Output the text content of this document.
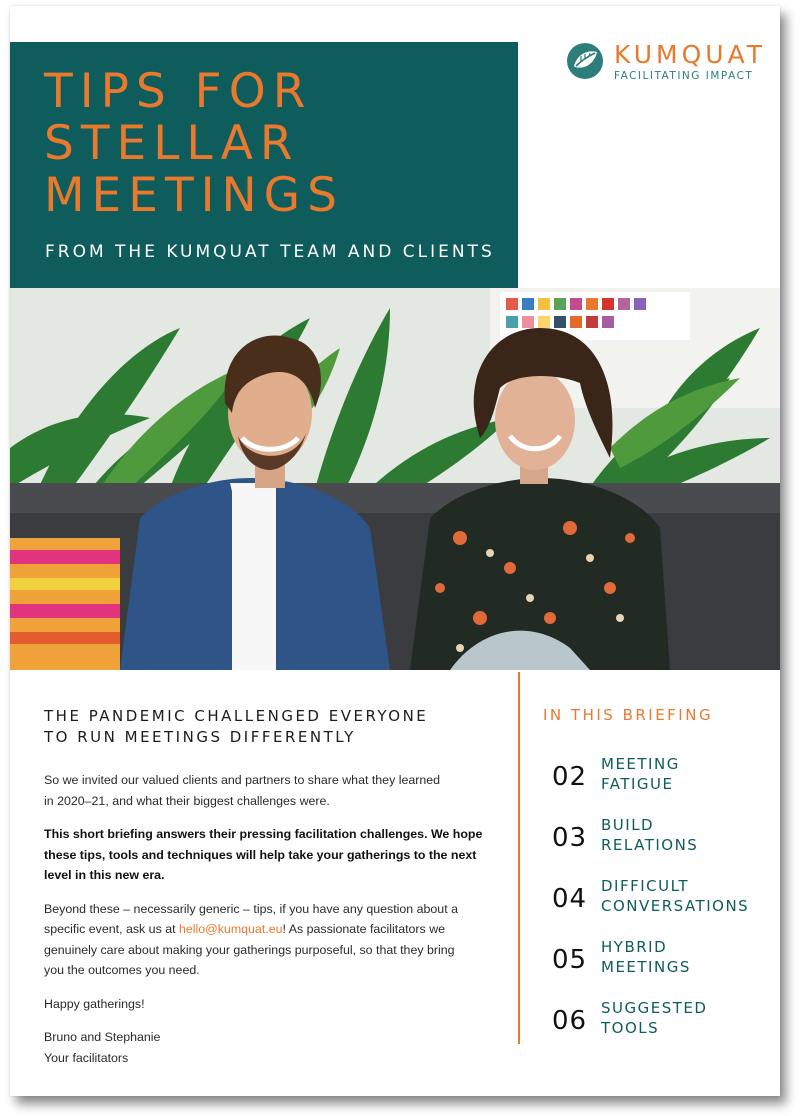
TIPS FOR
STELLAR
MEETINGS
FROM THE KUMQUAT TEAM AND CLIENTS
KUMQUAT
FACILITATING IMPACT
THE PANDEMIC CHALLENGED EVERYONE
TO RUN MEETINGS DIFFERENTLY

So we invited our valued clients and partners to share what they learned
in 2020–21, and what their biggest challenges were.

This short briefing answers their pressing facilitation challenges. We hope
these tips, tools and techniques will help take your gatherings to the next
level in this new era.

Beyond these – necessarily generic – tips, if you have any question about a
specific event, ask us at hello@kumquat.eu! As passionate facilitators we
genuinely care about making your gatherings purposeful, so that they bring
you the outcomes you need.

Happy gatherings!

Bruno and Stephanie
Your facilitators

IN THIS BRIEFING
02 MEETING
FATIGUE
03 BUILD
RELATIONS
04 DIFFICULT
CONVERSATIONS
05 HYBRID
MEETINGS
06 SUGGESTED
TOOLS
